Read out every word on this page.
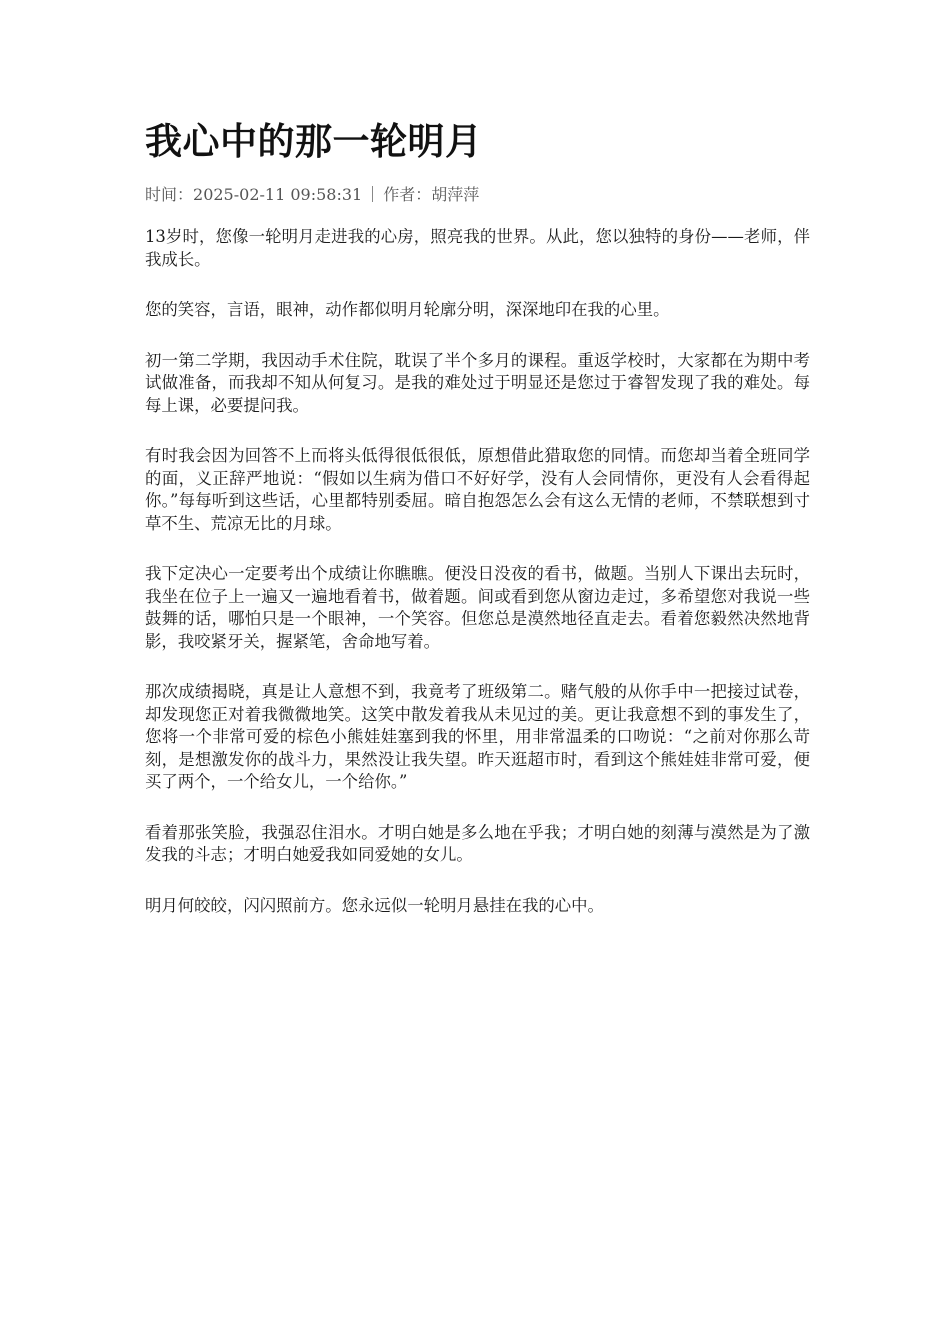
我心中的那一轮明月
时间：2025-02-11 09:58:31 作者：胡萍萍

13岁时，您像一轮明月走进我的心房，照亮我的世界。从此，您以独特的身份——老师，伴我成长。

您的笑容，言语，眼神，动作都似明月轮廓分明，深深地印在我的心里。

初一第二学期，我因动手术住院，耽误了半个多月的课程。重返学校时，大家都在为期中考试做准备，而我却不知从何复习。是我的难处过于明显还是您过于睿智发现了我的难处。每每上课，必要提问我。

有时我会因为回答不上而将头低得很低很低，原想借此猎取您的同情。而您却当着全班同学的面，义正辞严地说：“假如以生病为借口不好好学，没有人会同情你，更没有人会看得起你。”每每听到这些话，心里都特别委屈。暗自抱怨怎么会有这么无情的老师，不禁联想到寸草不生、荒凉无比的月球。

我下定决心一定要考出个成绩让你瞧瞧。便没日没夜的看书，做题。当别人下课出去玩时，我坐在位子上一遍又一遍地看着书，做着题。间或看到您从窗边走过，多希望您对我说一些鼓舞的话，哪怕只是一个眼神，一个笑容。但您总是漠然地径直走去。看着您毅然决然地背影，我咬紧牙关，握紧笔，舍命地写着。

那次成绩揭晓，真是让人意想不到，我竟考了班级第二。赌气般的从你手中一把接过试卷，却发现您正对着我微微地笑。这笑中散发着我从未见过的美。更让我意想不到的事发生了，您将一个非常可爱的棕色小熊娃娃塞到我的怀里，用非常温柔的口吻说：“之前对你那么苛刻，是想激发你的战斗力，果然没让我失望。昨天逛超市时，看到这个熊娃娃非常可爱，便买了两个，一个给女儿，一个给你。”

看着那张笑脸，我强忍住泪水。才明白她是多么地在乎我；才明白她的刻薄与漠然是为了激发我的斗志；才明白她爱我如同爱她的女儿。

明月何皎皎，闪闪照前方。您永远似一轮明月悬挂在我的心中。
